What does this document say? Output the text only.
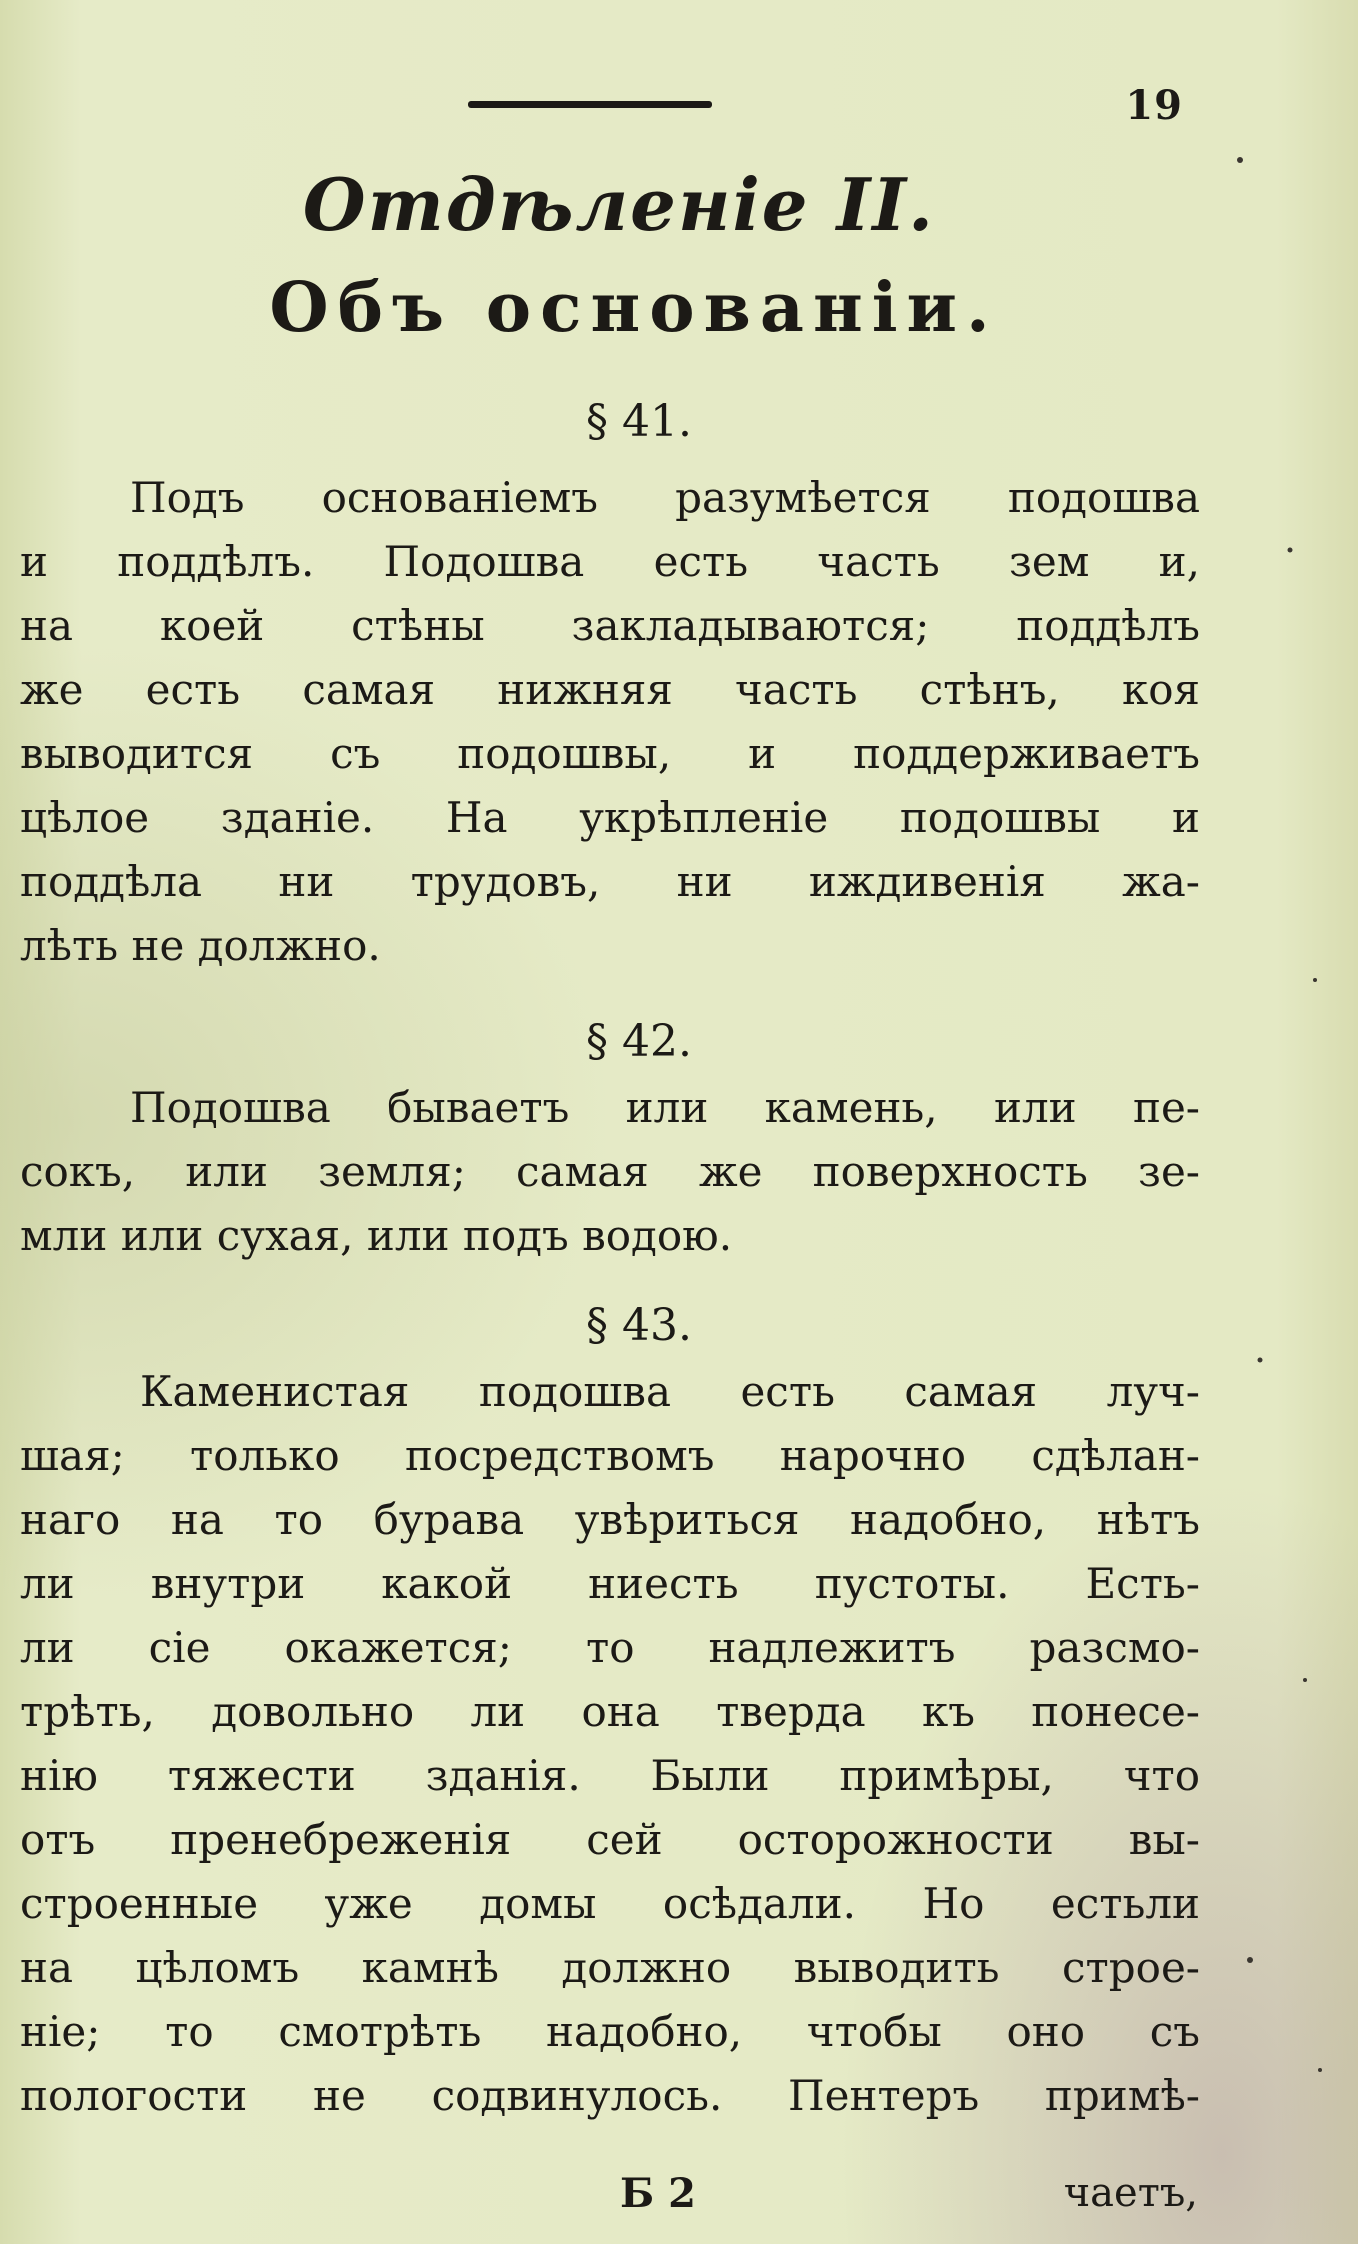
19
Отдѣленіе II.
Объ основаніи.
§ 41.
Подъ основаніемъ разумѣется подошва
и поддѣлъ. Подошва есть часть зем и,
на коей стѣны закладываются; поддѣлъ
же есть самая нижняя часть стѣнъ, коя
выводится съ подошвы, и поддерживаетъ
цѣлое зданіе. На укрѣпленіе подошвы и
поддѣла ни трудовъ, ни иждивенія жа-
лѣть не должно.
§ 42.
Подошва бываетъ или камень, или пе-
сокъ, или земля; самая же поверхность зе-
мли или сухая, или подъ водою.
§ 43.
Каменистая подошва есть самая луч-
шая; только посредствомъ нарочно сдѣлан-
наго на то бурава увѣриться надобно, нѣтъ
ли внутри какой ниесть пустоты. Есть-
ли сіе окажется; то надлежитъ разсмо-
трѣть, довольно ли она тверда къ понесе-
нію тяжести зданія. Были примѣры, что
отъ пренебреженія сей осторожности вы-
строенные уже домы осѣдали. Но естьли
на цѣломъ камнѣ должно выводить строе-
ніе; то смотрѣть надобно, чтобы оно съ
пологости не содвинулось. Пентеръ примѣ-
Б 2	чаетъ,
